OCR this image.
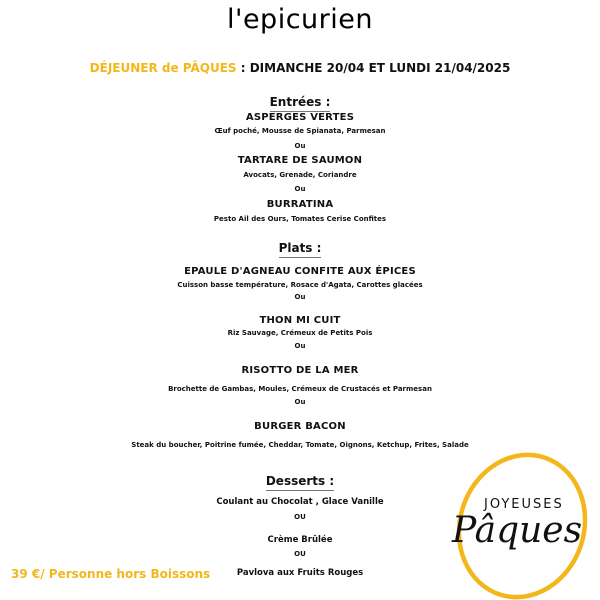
l'epicurien
DÉJEUNER de PÂQUES : DIMANCHE 20/04 ET LUNDI 21/04/2025
Entrées :
ASPERGES VERTES
Œuf poché, Mousse de Spianata, Parmesan
Ou
TARTARE DE SAUMON
Avocats, Grenade, Coriandre
Ou
BURRATINA
Pesto Ail des Ours, Tomates Cerise Confites
Plats :
EPAULE D'AGNEAU CONFITE AUX ÉPICES
Cuisson basse température, Rosace d'Agata, Carottes glacées
Ou
THON MI CUIT
Riz Sauvage, Crémeux de Petits Pois
Ou
RISOTTO DE LA MER
Brochette de Gambas, Moules, Crémeux de Crustacés et Parmesan
Ou
BURGER BACON
Steak du boucher, Poitrine fumée, Cheddar, Tomate, Oignons, Ketchup, Frites, Salade
Desserts :
Coulant au Chocolat , Glace Vanille
OU
Crème Brûlée
OU
Pavlova aux Fruits Rouges
39 €/ Personne hors Boissons
JOYEUSES
Pâques
